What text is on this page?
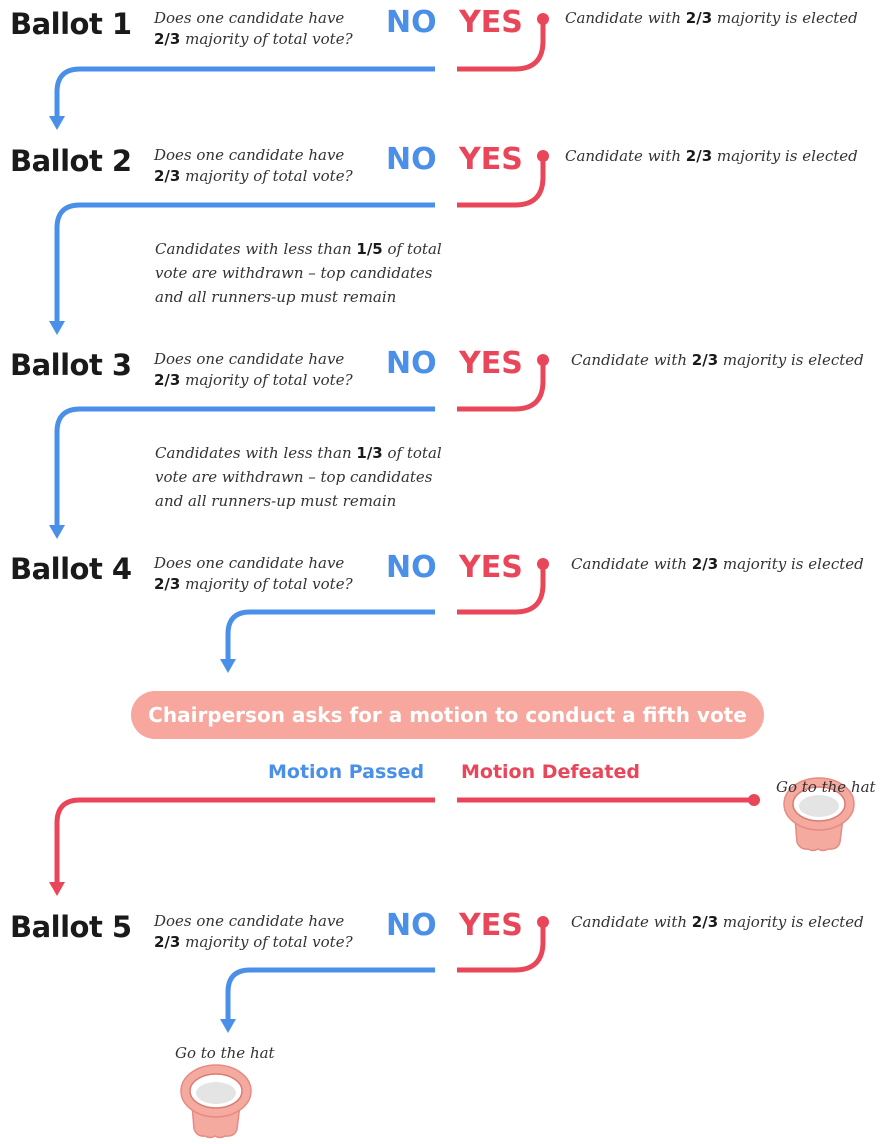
Ballot 1 Does one candidate have
2/3 majority of total vote? NO YES	Candidate with 2/3 majority is elected
Ballot 2 Does one candidate have
2/3 majority of total vote? NO YES	Candidate with 2/3 majority is elected
Candidates with less than 1/5 of total
vote are withdrawn – top candidates
and all runners-up must remain
Ballot 3 Does one candidate have
2/3 majority of total vote? NO YES	Candidate with 2/3 majority is elected
Candidates with less than 1/3 of total
vote are withdrawn – top candidates
and all runners-up must remain
Ballot 4 Does one candidate have
2/3 majority of total vote? NO YES	Candidate with 2/3 majority is elected
Chairperson asks for a motion to conduct a fifth vote
Motion Passed Motion Defeated
Go to the hat
Ballot 5 Does one candidate have
2/3 majority of total vote? NO YES	Candidate with 2/3 majority is elected
Go to the hat
